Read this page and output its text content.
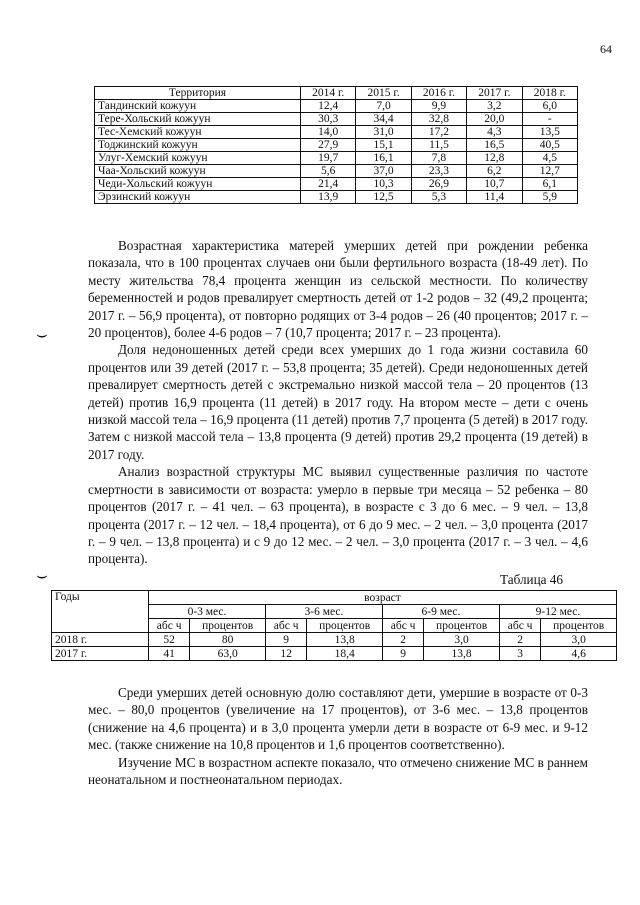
64
Территория	2014 г.	2015 г.	2016 г.	2017 г.	2018 г.
Тандинский кожуун	12,4	7,0	9,9	3,2	6,0
Тере-Хольский кожуун	30,3	34,4	32,8	20,0	-
Тес-Хемский кожуун	14,0	31,0	17,2	4,3	13,5
Тоджинский кожуун	27,9	15,1	11,5	16,5	40,5
Улуг-Хемский кожуун	19,7	16,1	7,8	12,8	4,5
Чаа-Хольский кожуун	5,6	37,0	23,3	6,2	12,7
Чеди-Хольский кожуун	21,4	10,3	26,9	10,7	6,1
Эрзинский кожуун	13,9	12,5	5,3	11,4	5,9

Возрастная характеристика матерей умерших детей при рождении ребенка показала, что в 100 процентах случаев они были фертильного возраста (18-49 лет). По месту жительства 78,4 процента женщин из сельской местности. По количеству беременностей и родов превалирует смертность детей от 1-2 родов – 32 (49,2 процента; 2017 г. – 56,9 процента), от повторно родящих от 3-4 родов – 26 (40 процентов; 2017 г. – 20 процентов), более 4-6 родов – 7 (10,7 процента; 2017 г. – 23 процента).

Доля недоношенных детей среди всех умерших до 1 года жизни составила 60 процентов или 39 детей (2017 г. – 53,8 процента; 35 детей). Среди недоношенных детей превалирует смертность детей с экстремально низкой массой тела – 20 процентов (13 детей) против 16,9 процента (11 детей) в 2017 году. На втором месте – дети с очень низкой массой тела – 16,9 процента (11 детей) против 7,7 процента (5 детей) в 2017 году. Затем с низкой массой тела – 13,8 процента (9 детей) против 29,2 процента (19 детей) в 2017 году.

Анализ возрастной структуры МС выявил существенные различия по частоте смертности в зависимости от возраста: умерло в первые три месяца – 52 ребенка – 80 процентов (2017 г. – 41 чел. – 63 процента), в возрасте с 3 до 6 мес. – 9 чел. – 13,8 процента (2017 г. – 12 чел. – 18,4 процента), от 6 до 9 мес. – 2 чел. – 3,0 процента (2017 г. – 9 чел. – 13,8 процента) и с 9 до 12 мес. – 2 чел. – 3,0 процента (2017 г. – 3 чел. – 4,6 процента).

⌣
⌣	Таблица 46
Годы	возраст							
	0-3 мес.		3-6 мес.		6-9 мес.		9-12 мес.	
	абс ч	процентов	абс ч	процентов	абс ч	процентов	абс ч	процентов
2018 г.	52	80	9	13,8	2	3,0	2	3,0
2017 г.	41	63,0	12	18,4	9	13,8	3	4,6

Среди умерших детей основную долю составляют дети, умершие в возрасте от 0-3 мес. – 80,0 процентов (увеличение на 17 процентов), от 3-6 мес. – 13,8 процентов (снижение на 4,6 процента) и в 3,0 процента умерли дети в возрасте от 6-9 мес. и 9-12 мес. (также снижение на 10,8 процентов и 1,6 процентов соответственно).

Изучение МС в возрастном аспекте показало, что отмечено снижение МС в раннем неонатальном и постнеонатальном периодах.
